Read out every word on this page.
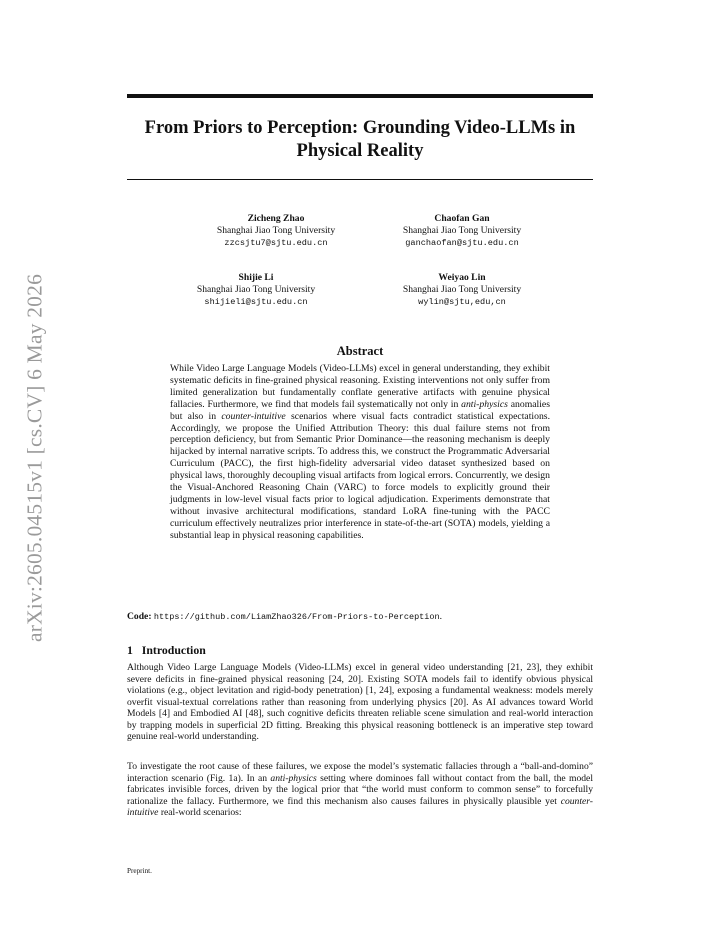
arXiv:2605.04515v1 [cs.CV] 6 May 2026
From Priors to Perception: Grounding Video-LLMs in Physical Reality
Zicheng Zhao
Shanghai Jiao Tong University
zzcsjtu7@sjtu.edu.cn
Chaofan Gan
Shanghai Jiao Tong University
ganchaofan@sjtu.edu.cn
Shijie Li
Shanghai Jiao Tong University
shijieli@sjtu.edu.cn
Weiyao Lin
Shanghai Jiao Tong University
wylin@sjtu,edu,cn
Abstract
While Video Large Language Models (Video-LLMs) excel in general understanding, they exhibit systematic deficits in fine-grained physical reasoning. Existing interventions not only suffer from limited generalization but fundamentally conflate generative artifacts with genuine physical fallacies. Furthermore, we find that models fail systematically not only in anti-physics anomalies but also in counter-intuitive scenarios where visual facts contradict statistical expectations. Accordingly, we propose the Unified Attribution Theory: this dual failure stems not from perception deficiency, but from Semantic Prior Dominance—the reasoning mechanism is deeply hijacked by internal narrative scripts. To address this, we construct the Programmatic Adversarial Curriculum (PACC), the first high-fidelity adversarial video dataset synthesized based on physical laws, thoroughly decoupling visual artifacts from logical errors. Concurrently, we design the Visual-Anchored Reasoning Chain (VARC) to force models to explicitly ground their judgments in low-level visual facts prior to logical adjudication. Experiments demonstrate that without invasive architectural modifications, standard LoRA fine-tuning with the PACC curriculum effectively neutralizes prior interference in state-of-the-art (SOTA) models, yielding a substantial leap in physical reasoning capabilities.
Code: https://github.com/LiamZhao326/From-Priors-to-Perception.
1 Introduction
Although Video Large Language Models (Video-LLMs) excel in general video understanding [21, 23], they exhibit severe deficits in fine-grained physical reasoning [24, 20]. Existing SOTA models fail to identify obvious physical violations (e.g., object levitation and rigid-body penetration) [1, 24], exposing a fundamental weakness: models merely overfit visual-textual correlations rather than reasoning from underlying physics [20]. As AI advances toward World Models [4] and Embodied AI [48], such cognitive deficits threaten reliable scene simulation and real-world interaction by trapping models in superficial 2D fitting. Breaking this physical reasoning bottleneck is an imperative step toward genuine real-world understanding.
To investigate the root cause of these failures, we expose the model’s systematic fallacies through a “ball-and-domino” interaction scenario (Fig. 1a). In an anti-physics setting where dominoes fall without contact from the ball, the model fabricates invisible forces, driven by the logical prior that “the world must conform to common sense” to forcefully rationalize the fallacy. Furthermore, we find this mechanism also causes failures in physically plausible yet counter-intuitive real-world scenarios:
Preprint.
